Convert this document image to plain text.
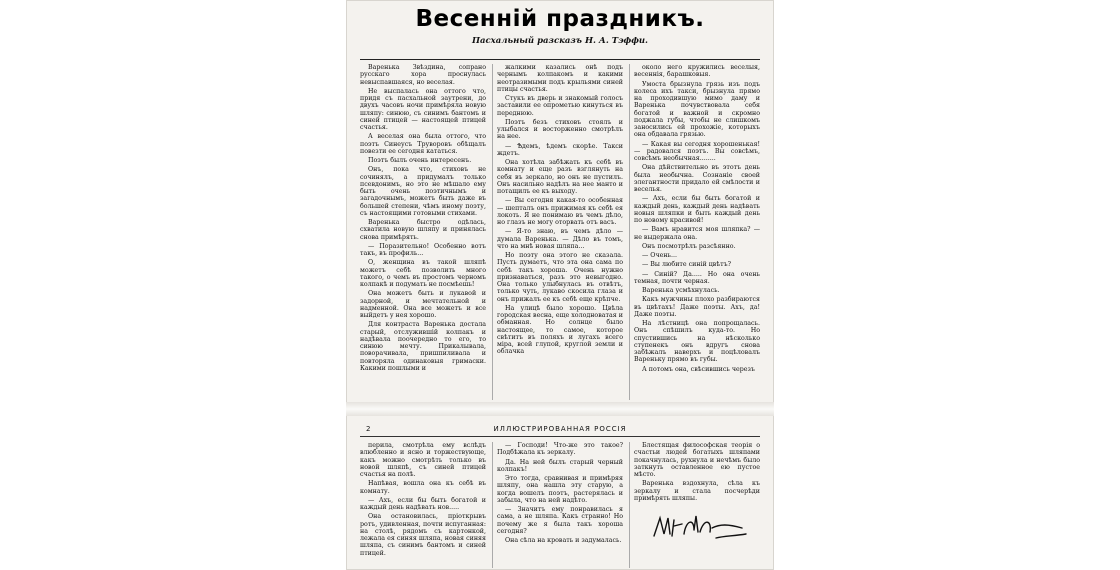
Весеннiй праздникъ.
Пасхальный разсказъ Н. А. Тэффи.

Варенька Звѣздина, сопрано русскаго хора проснулась невыспавшаяся, но веселая.

Не выспалась она оттого что, придя съ пасхальной заутрени, до двухъ часовъ ночи примѣряла новую шляпу: синюю, съ синимъ бантомъ и синей птицей — настоящей птицей счастья.

А веселая она была оттого, что поэтъ Синеусъ Труворовъ обѣщалъ повезти ее сегодня кататься.

Поэтъ былъ очень интересенъ.

Онъ, пока что, стиховъ не сочинялъ, а придумалъ только псевдонимъ, но это не мѣшало ему быть очень поэтичнымъ и загадочнымъ, можетъ быть даже въ большей степени, чѣмъ иному поэту, съ настоящими готовыми стихами.

Варенька быстро одѣлась, схватила новую шляпу и принялась снова примѣрять.

— Поразительно! Особенно вотъ такъ, въ профиль...

О, женщина въ такой шляпѣ можетъ себѣ позволить много такого, о чемъ въ простомъ черномъ колпакѣ и подумать не посмѣешь!

Она можетъ быть и лукавой и задорной, и мечтательной и надменной. Она все можетъ и все выйдетъ у нея хорошо.

Для контраста Варенька достала старый, отслужившій колпакъ и надѣвала поочередно то его, то синюю мечту. Прикалывала, поворачивала, пришпиливала и повторяла одинаковыя гримаски. Какими пошлыми и

жалкими казались онѣ подъ чернымъ колпакомъ и какими неотразимыми подъ крыльями синей птицы счастья.

Стукъ въ дверь и знакомый голосъ заставили ее опрометью кинуться въ переднюю.

Поэтъ безъ стиховъ стоялъ и улыбался и восторженно смотрѣлъ на нее.

— Ѣдемъ, ѣдемъ скорѣе. Такси ждетъ.

Она хотѣла забѣжать къ себѣ въ комнату и еще разъ взглянуть на себя въ зеркало, но онъ не пустилъ. Онъ насильно надѣлъ на нее манто и потащилъ ее къ выходу.

— Вы сегодня какая-то особенная — шепталъ онъ прижимая къ себѣ ея локоть. Я не понимаю въ чемъ дѣло, но глазъ не могу оторвать отъ васъ.

— Я-то знаю, въ чемъ дѣло — думала Варенька. — Дѣло въ томъ, что на мнѣ новая шляпа...

Но поэту она этого не сказала. Пусть думаетъ, что эта она сама по себѣ такъ хороша. Очень нужно признаваться, разъ это невыгодно. Она только улыбнулась въ отвѣтъ, только чуть, лукаво скосила глаза и онъ прижалъ ее къ себѣ еще крѣпче.

На улицѣ было хорошо. Цвѣла городская весна, еще холодноватая и обманная. Но солнце было настоящее, то самое, которое свѣтитъ въ поляхъ и лугахъ всего міра, всей глупой, круглой земли и облачка

около него кружились веселыя, весеннія, барашковыя.

Умоста брызнула грязь изъ подъ колеса ихъ такси, брызнула прямо на проходившую мимо даму и Варенька почувствовала себя богатой и важной и скромно поджала губы, чтобы не слишкомъ заносились ей прохожіе, которыхъ она обдавала грязью.

— Какая вы сегодня хорошенькая! — радовался поэтъ. Вы совсѣмъ, совсѣмъ необычная........

Она дѣйствительно въ этотъ день была необычна. Сознаніе своей элегантности придало ей смѣлости и веселья.

— Ахъ, если бы быть богатой и каждый день, каждый день надѣвать новыя шляпки и быть каждый день по новому красивой!

— Вамъ нравится моя шляпка? — не выдержала она.

Онъ посмотрѣлъ разсѣянно.

— Очень...

— Вы любите синій цвѣтъ?

— Синій? Да..... Но она очень темная, почти черная.

Варенька усмѣхнулась.

Какъ мужчины плохо разбираются въ цвѣтахъ! Даже поэты. Ахъ, да! Даже поэты.

На лѣстницѣ она попрощалась. Онъ спѣшилъ куда-то. Но спустившись на нѣсколько ступенекъ онъ вдругъ снова забѣжалъ наверхъ и поцѣловалъ Вареньку прямо въ губы.

А потомъ она, свѣсившись черезъ

2	ИЛЛЮСТРИРОВАННАЯ РОССІЯ

перила, смотрѣла ему вслѣдъ влюбленно и ясно и торжествующе, какъ можно смотрѣть только въ новой шляпѣ, съ синей птицей счастья на полѣ.

Напѣвая, вошла она къ себѣ въ комнату.

— Ахъ, если бы быть богатой и каждый день надѣвать нов.....

Она остановилась, пріоткрывъ ротъ, удивленная, почти испуганная: на столѣ, рядомъ съ картонкой, лежала ея синяя шляпа, новая синяя шляпа, съ синимъ бантомъ и синей птицей.

— Господи! Что-же это такое? Подбѣжала къ зеркалу.

Да. На ней былъ старый черный колпакъ!

Это тогда, сравнивая и примѣряя шляпу, она нашла эту старую, а когда вошелъ поэтъ, растерялась и забыла, что на ней надѣто.

— Значитъ ему понравилась я сама, а не шляпа. Какъ странно! Но почему же я была такъ хороша сегодня?

Она сѣла на кровать и задумалась.

Блестящая философская теорія о счастьи людей богатыхъ шляпами покачнулась, рухнула и нечѣмъ было заткнуть оставленное ею пустое мѣсто.

Варенька вздохнула, сѣла къ зеркалу и стала посчерѣди примѣрять шляпы.
